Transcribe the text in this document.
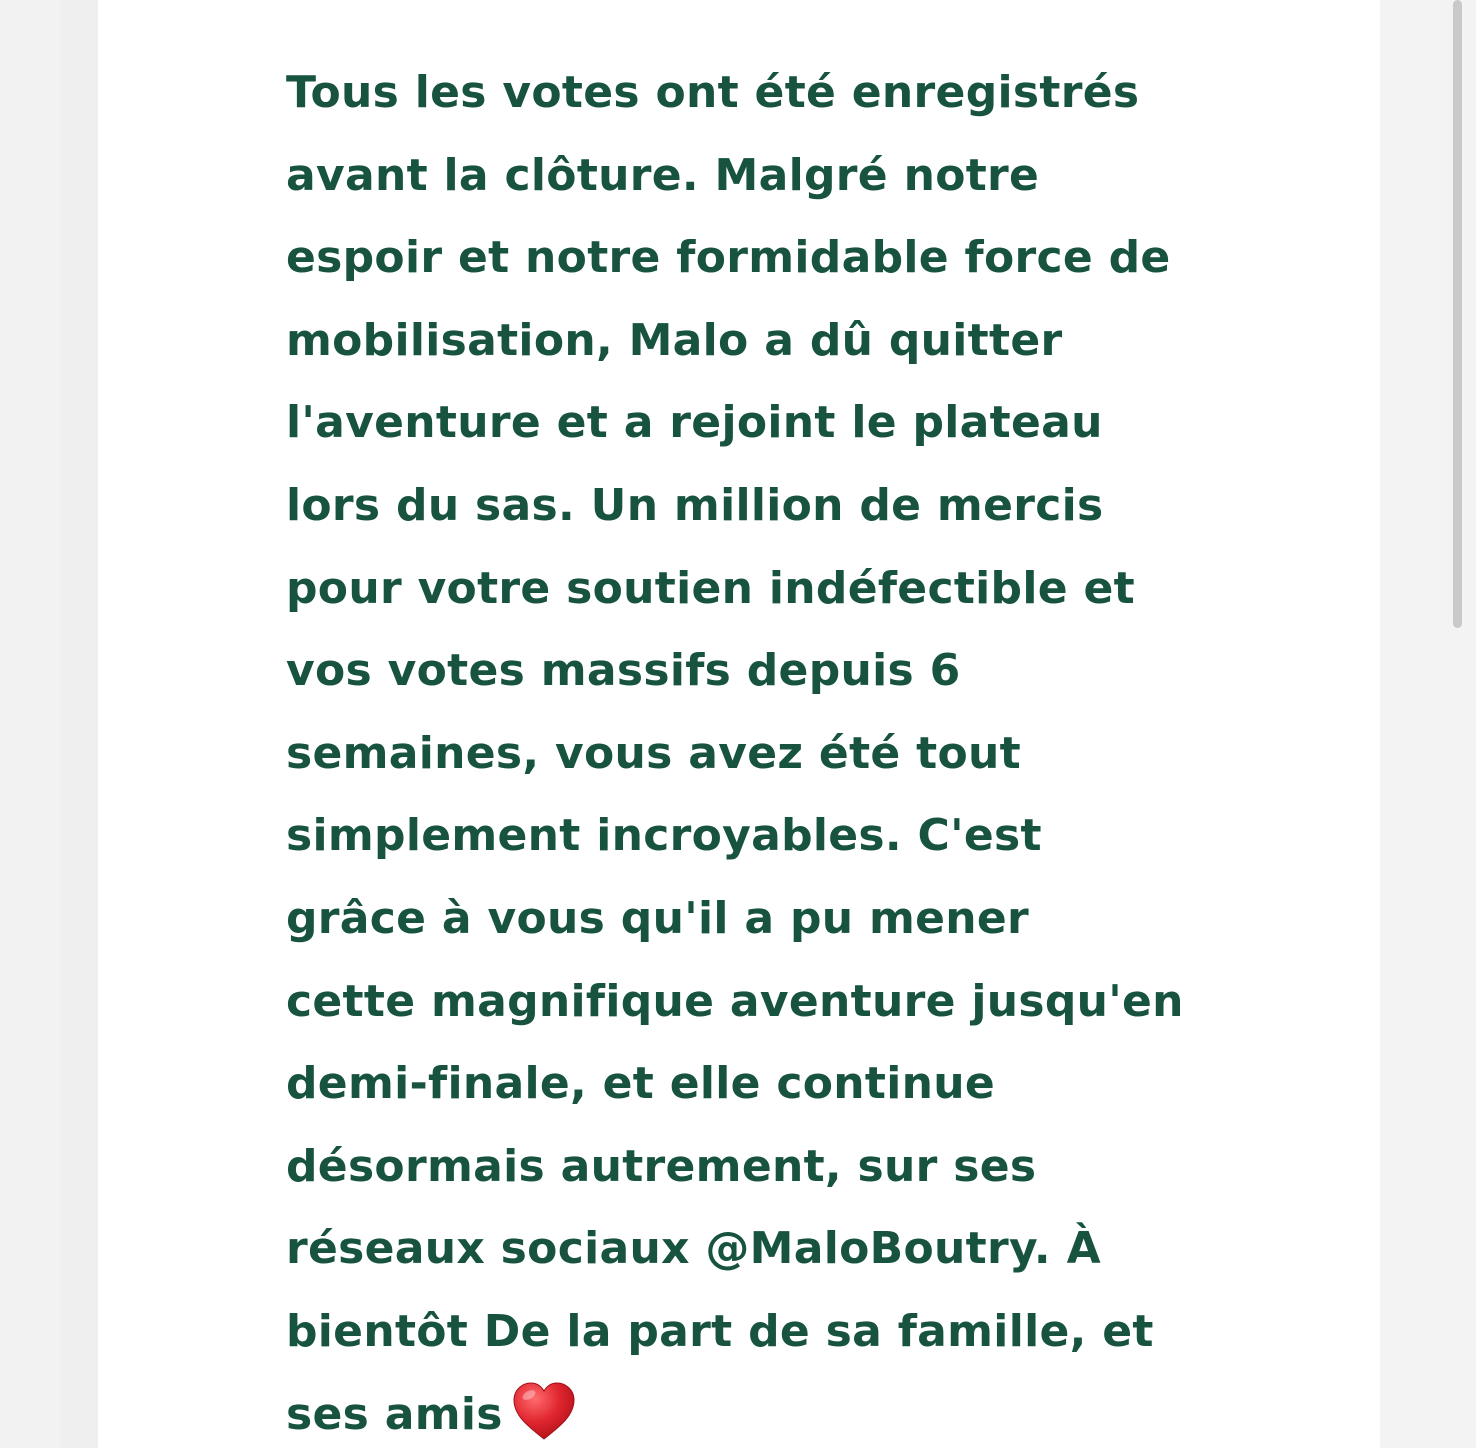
Tous les votes ont été enregistrés
avant la clôture. Malgré notre
espoir et notre formidable force de
mobilisation, Malo a dû quitter
l'aventure et a rejoint le plateau
lors du sas. Un million de mercis
pour votre soutien indéfectible et
vos votes massifs depuis 6
semaines, vous avez été tout
simplement incroyables. C'est
grâce à vous qu'il a pu mener
cette magnifique aventure jusqu'en
demi-finale, et elle continue
désormais autrement, sur ses
réseaux sociaux @MaloBoutry. À
bientôt De la part de sa famille, et
ses amis
